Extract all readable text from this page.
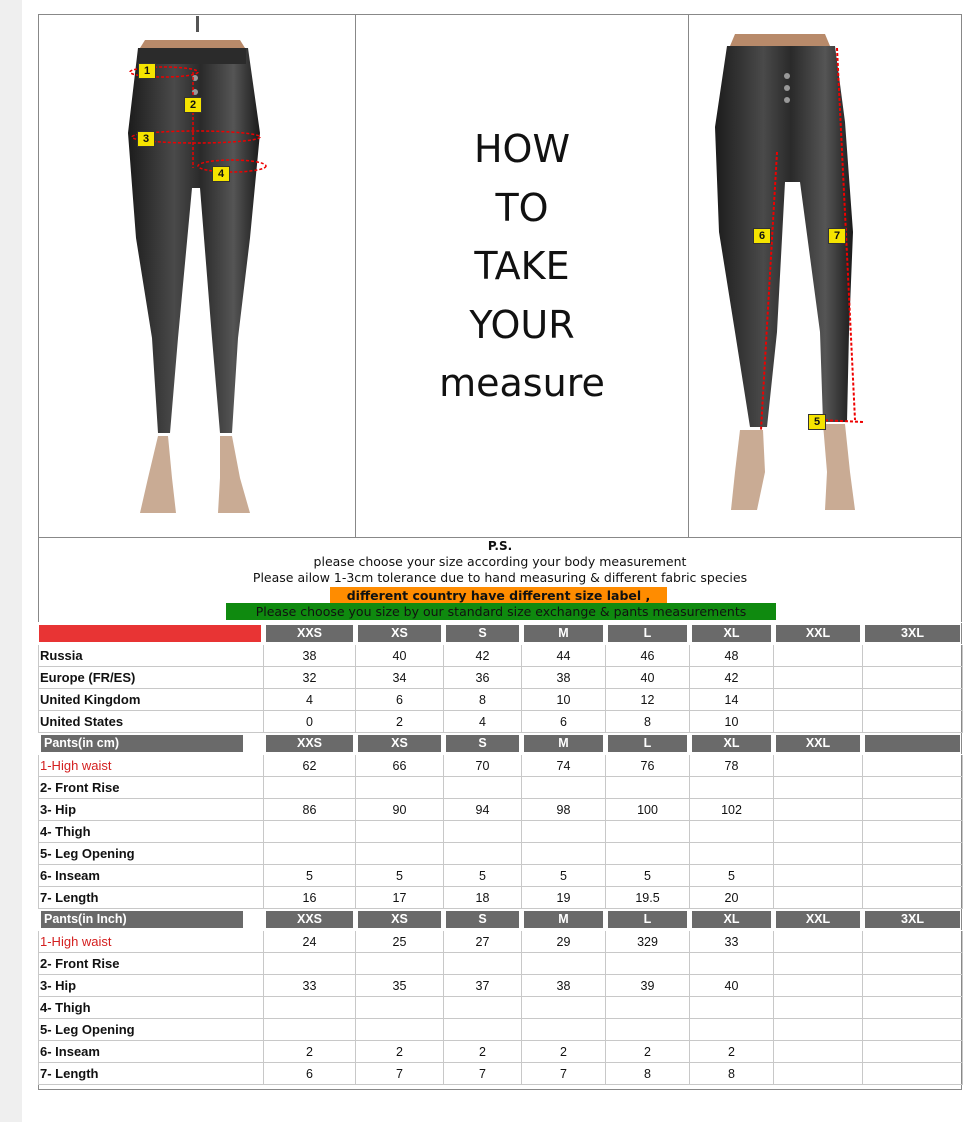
1
2
3
4
HOW
TO
TAKE
YOUR
measure
6	7
5
P.S.
please choose your size according your body measurement
Please ailow 1-3cm tolerance due to hand measuring & different fabric species
different country have different size label ,
Please choose you size by our standard size exchange & pants measurements

	XXS	XS	S	M	L	XL	XXL	3XL

Russia	38	40	42	44	46	48		
Europe (FR/ES)	32	34	36	38	40	42		
United Kingdom	4	6	8	10	12	14		
United States	0	2	4	6	8	10		

Pants(in cm)	XXS	XS	S	M	L	XL	XXL	

1-High waist	62	66	70	74	76	78		
2- Front Rise								
3- Hip	86	90	94	98	100	102		
4- Thigh								
5- Leg Opening								
6- Inseam	5	5	5	5	5	5		
7- Length	16	17	18	19	19.5	20		

Pants(in Inch)	XXS	XS	S	M	L	XL	XXL	3XL

1-High waist	24	25	27	29	329	33		
2- Front Rise								
3- Hip	33	35	37	38	39	40		
4- Thigh								
5- Leg Opening								
6- Inseam	2	2	2	2	2	2		
7- Length	6	7	7	7	8	8		
